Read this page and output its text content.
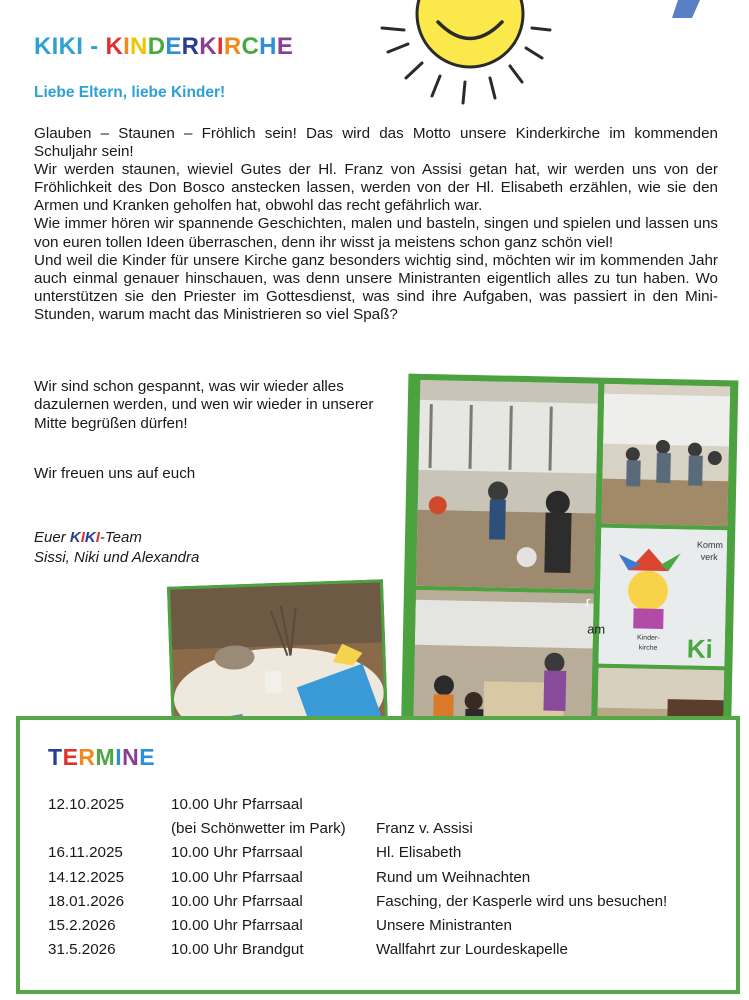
KIKI - KINDERKIRCHE
Liebe Eltern, liebe Kinder!

Glauben – Staunen – Fröhlich sein! Das wird das Motto unsere Kinderkirche im kommenden Schuljahr sein!

Wir werden staunen, wieviel Gutes der Hl. Franz von Assisi getan hat, wir werden uns von der Fröhlichkeit des Don Bosco anstecken lassen, werden von der Hl. Elisabeth erzählen, wie sie den Armen und Kranken geholfen hat, obwohl das recht gefährlich war.

Wie immer hören wir spannende Geschichten, malen und basteln, singen und spielen und lassen uns von euren tollen Ideen überraschen, denn ihr wisst ja meistens schon ganz schön viel!

Und weil die Kinder für unsere Kirche ganz besonders wichtig sind, möchten wir im kommenden Jahr auch einmal genauer hinschauen, was denn unsere Ministranten eigentlich alles zu tun haben. Wo unterstützen sie den Priester im Gottesdienst, was sind ihre Aufgaben, was passiert in den Mini-Stunden, warum macht das Ministrieren so viel Spaß?

Wir sind schon gespannt, was wir wieder alles dazulernen werden, und wen wir wieder in unserer Mitte begrüßen dürfen!

Wir freuen uns auf euch
Euer KIKI-Team
Sissi, Niki und Alexandra
Komm
verk
Kinder-
kirche Ki
r
am
TERMINE
12.10.2025	10.00 Uhr Pfarrsaal	
	(bei Schönwetter im Park)	Franz v. Assisi
16.11.2025	10.00 Uhr Pfarrsaal	Hl. Elisabeth
14.12.2025	10.00 Uhr Pfarrsaal	Rund um Weihnachten
18.01.2026	10.00 Uhr Pfarrsaal	Fasching, der Kasperle wird uns besuchen!
15.2.2026	10.00 Uhr Pfarrsaal	Unsere Ministranten
31.5.2026	10.00 Uhr Brandgut	Wallfahrt zur Lourdeskapelle
